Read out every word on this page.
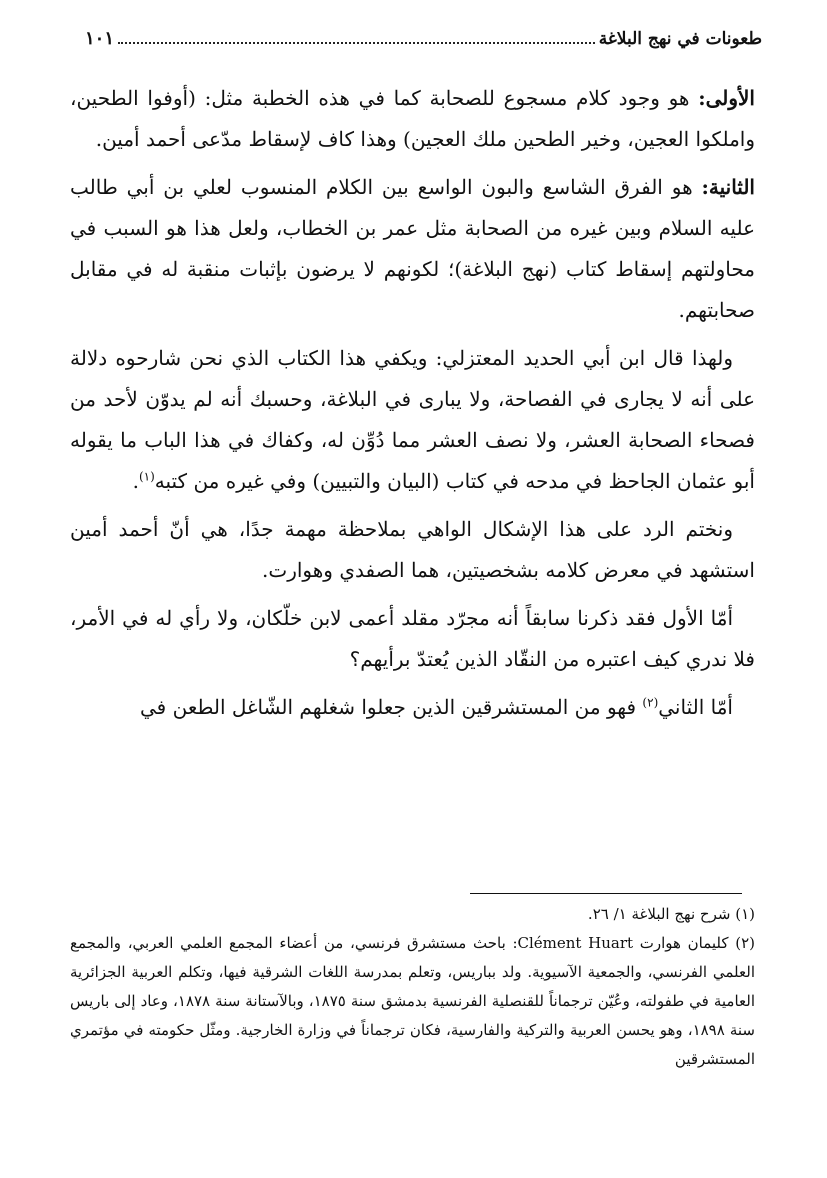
طعونات في نهج البلاغة
١٠١

الأولى: هو وجود كلام مسجوع للصحابة كما في هذه الخطبة مثل: (أوفوا الطحين، واملكوا العجين، وخير الطحين ملك العجين) وهذا كاف لإسقاط مدّعى أحمد أمين.

الثانية: هو الفرق الشاسع والبون الواسع بين الكلام المنسوب لعلي بن أبي طالب عليه السلام وبين غيره من الصحابة مثل عمر بن الخطاب، ولعل هذا هو السبب في محاولتهم إسقاط كتاب (نهج البلاغة)؛ لكونهم لا يرضون بإثبات منقبة له في مقابل صحابتهم.

ولهذا قال ابن أبي الحديد المعتزلي: ويكفي هذا الكتاب الذي نحن شارحوه دلالة على أنه لا يجارى في الفصاحة، ولا يبارى في البلاغة، وحسبك أنه لم يدوّن لأحد من فصحاء الصحابة العشر، ولا نصف العشر مما دُوِّن له، وكفاك في هذا الباب ما يقوله أبو عثمان الجاحظ في مدحه في كتاب (البيان والتبيين) وفي غيره من كتبه$^{(١)}$.

ونختم الرد على هذا الإشكال الواهي بملاحظة مهمة جدًا، هي أنّ أحمد أمين استشهد في معرض كلامه بشخصيتين، هما الصفدي وهوارت.

أمّا الأول فقد ذكرنا سابقاً أنه مجرّد مقلد أعمى لابن خلّكان، ولا رأي له في الأمر، فلا ندري كيف اعتبره من النقّاد الذين يُعتدّ برأيهم؟

أمّا الثاني$^{(٢)}$ فهو من المستشرقين الذين جعلوا شغلهم الشّاغل الطعن في

(١) شرح نهج البلاغة ١/ ٢٦.

(٢) كليمان هوارت Clément Huart: باحث مستشرق فرنسي، من أعضاء المجمع العلمي العربي، والمجمع العلمي الفرنسي، والجمعية الآسيوية. ولد بباريس، وتعلم بمدرسة اللغات الشرقية فيها، وتكلم العربية الجزائرية العامية في طفولته، وعُيّن ترجماناً للقنصلية الفرنسية بدمشق سنة ١٨٧٥، وبالآستانة سنة ١٨٧٨، وعاد إلى باريس سنة ١٨٩٨، وهو يحسن العربية والتركية والفارسية، فكان ترجماناً في وزارة الخارجية. ومثّل حكومته في مؤتمري المستشرقين
